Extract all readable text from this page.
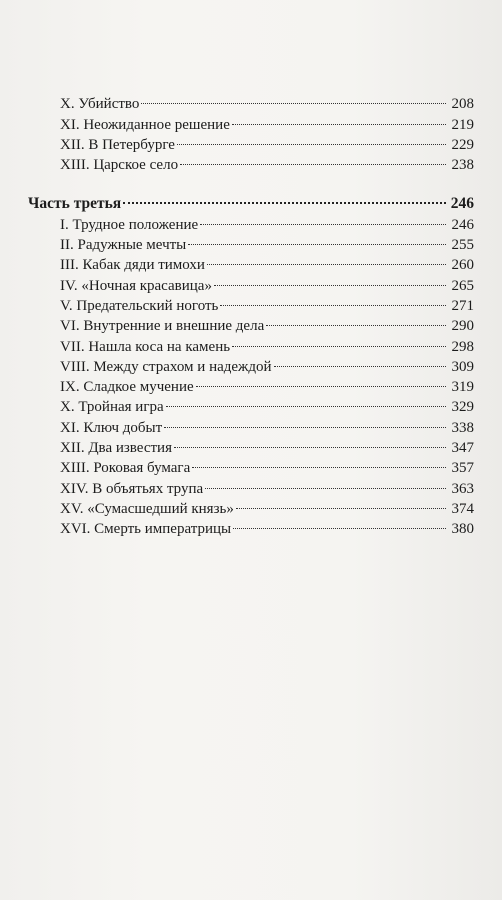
X. Убийство	208
XI. Неожиданное решение	219
XII. В Петербурге	229
XIII. Царское село	238
Часть третья	246
I. Трудное положение	246
II. Радужные мечты	255
III. Кабак дяди тимохи	260
IV. «Ночная красавица»	265
V. Предательский ноготь	271
VI. Внутренние и внешние дела	290
VII. Нашла коса на камень	298
VIII. Между страхом и надеждой	309
IX. Сладкое мучение	319
X. Тройная игра	329
XI. Ключ добыт	338
XII. Два известия	347
XIII. Роковая бумага	357
XIV. В объятьях трупа	363
XV. «Сумасшедший князь»	374
XVI. Смерть императрицы	380
